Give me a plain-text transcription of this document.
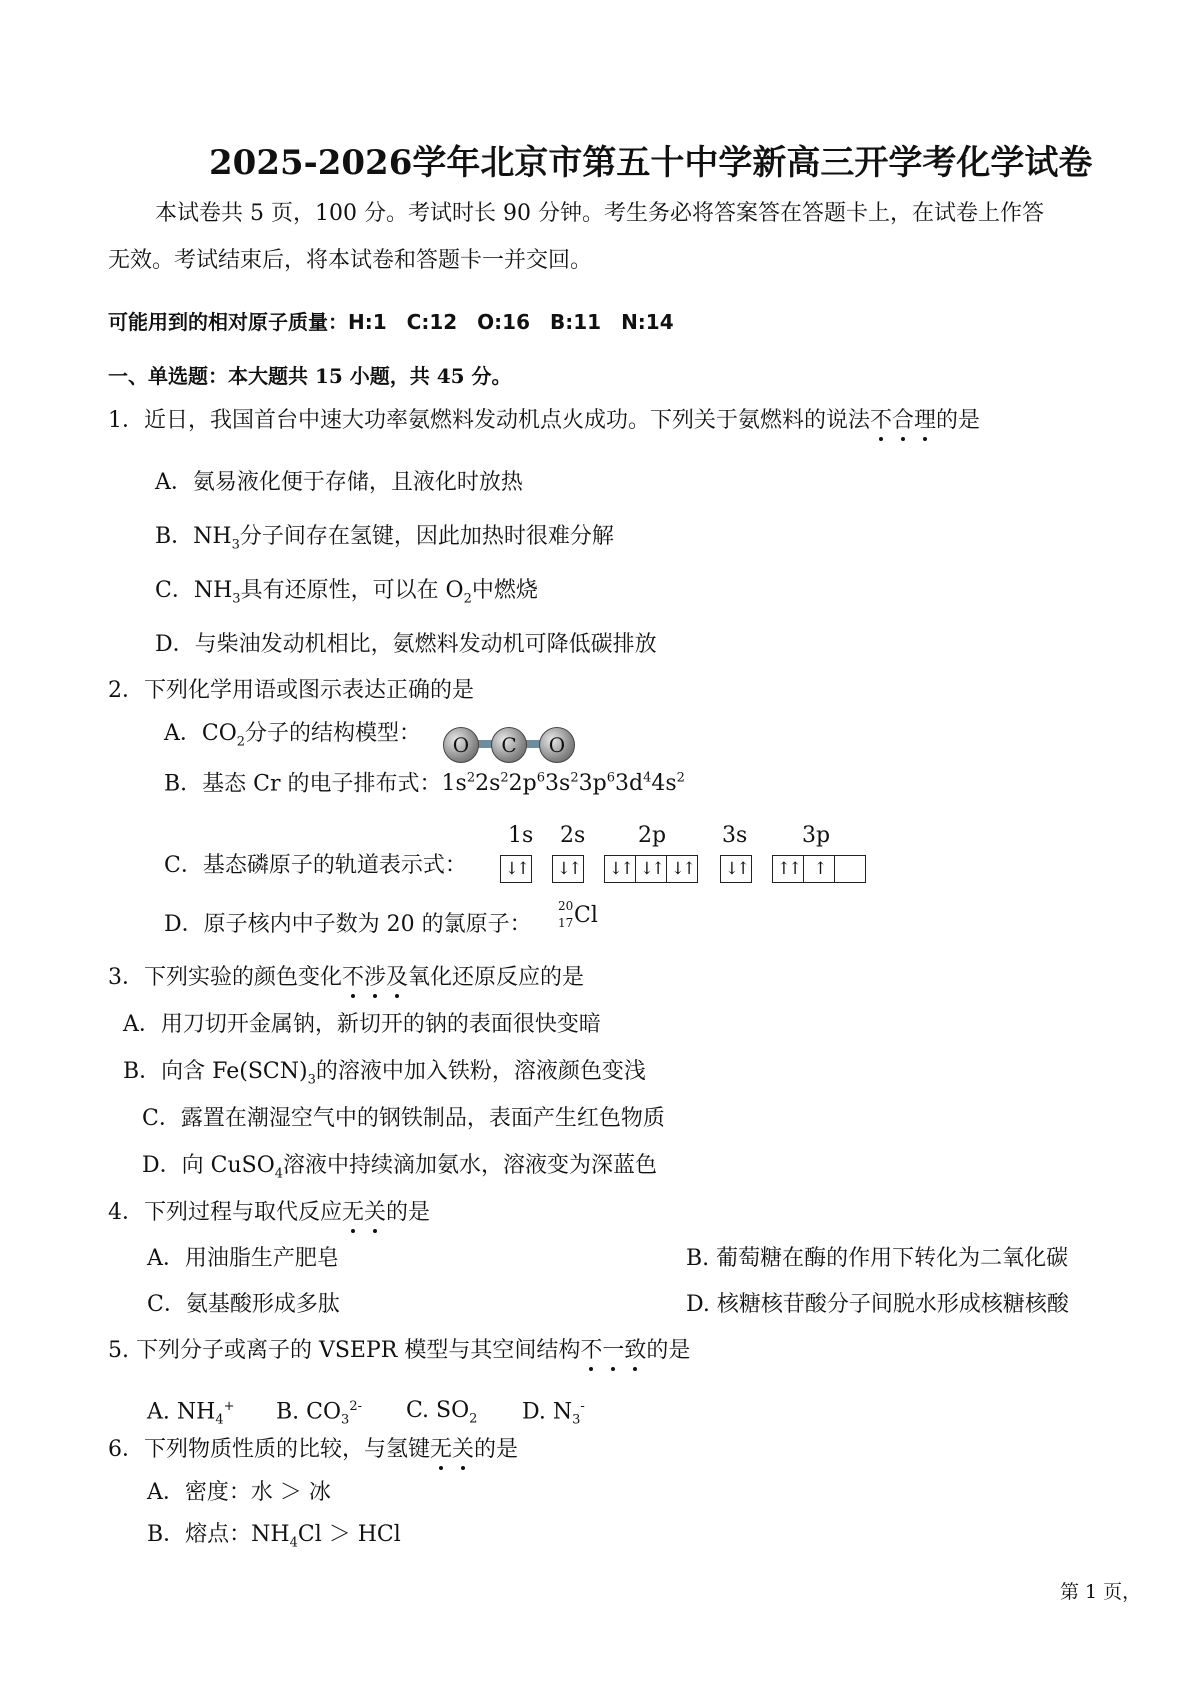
2025-2026学年北京市第五十中学新高三开学考化学试卷
本试卷共 5 页，100 分。考试时长 90 分钟。考生务必将答案答在答题卡上，在试卷上作答
无效。考试结束后，将本试卷和答题卡一并交回。
可能用到的相对原子质量：H:1　C:12　O:16　B:11　N:14
一、单选题：本大题共 15 小题，共 45 分。
1．近日，我国首台中速大功率氨燃料发动机点火成功。下列关于氨燃料的说法不合理的是
A．氨易液化便于存储，且液化时放热
B．$NH_3$分子间存在氢键，因此加热时很难分解
C．$NH_3$具有还原性，可以在 $O_2$中燃烧
D．与柴油发动机相比，氨燃料发动机可降低碳排放
2．下列化学用语或图示表达正确的是
A．$CO_2$分子的结构模型：	O	C	O
B．基态 Cr 的电子排布式：$1s^22s^22p^63s^23p^63d^44s^2$
1s 2s 2p	3s 3p
C．基态磷原子的轨道表示式： ↓↑ ↓↑ ↓↑ ↓↑ ↓↑ ↓↑ ↑↑ ↑
D．原子核内中子数为 20 的氯原子：
20
17 Cl
3．下列实验的颜色变化不涉及氧化还原反应的是
A．用刀切开金属钠，新切开的钠的表面很快变暗
B．向含 $Fe(SCN)_3$的溶液中加入铁粉，溶液颜色变浅
C．露置在潮湿空气中的钢铁制品，表面产生红色物质
D．向 CuSO$_4$溶液中持续滴加氨水，溶液变为深蓝色
4．下列过程与取代反应无关的是
A．用油脂生产肥皂	B. 葡萄糖在酶的作用下转化为二氧化碳
C．氨基酸形成多肽	D. 核糖核苷酸分子间脱水形成核糖核酸
5. 下列分子或离子的 VSEPR 模型与其空间结构不一致的是
A. $NH_4^+$ B. $CO_3^{2-}$ C. $SO_2$ D. $N_3^-$
6．下列物质性质的比较，与氢键无关的是
A．密度：水 ＞ 冰
B．熔点：$NH_4Cl$ ＞ HCl
第 1 页，
